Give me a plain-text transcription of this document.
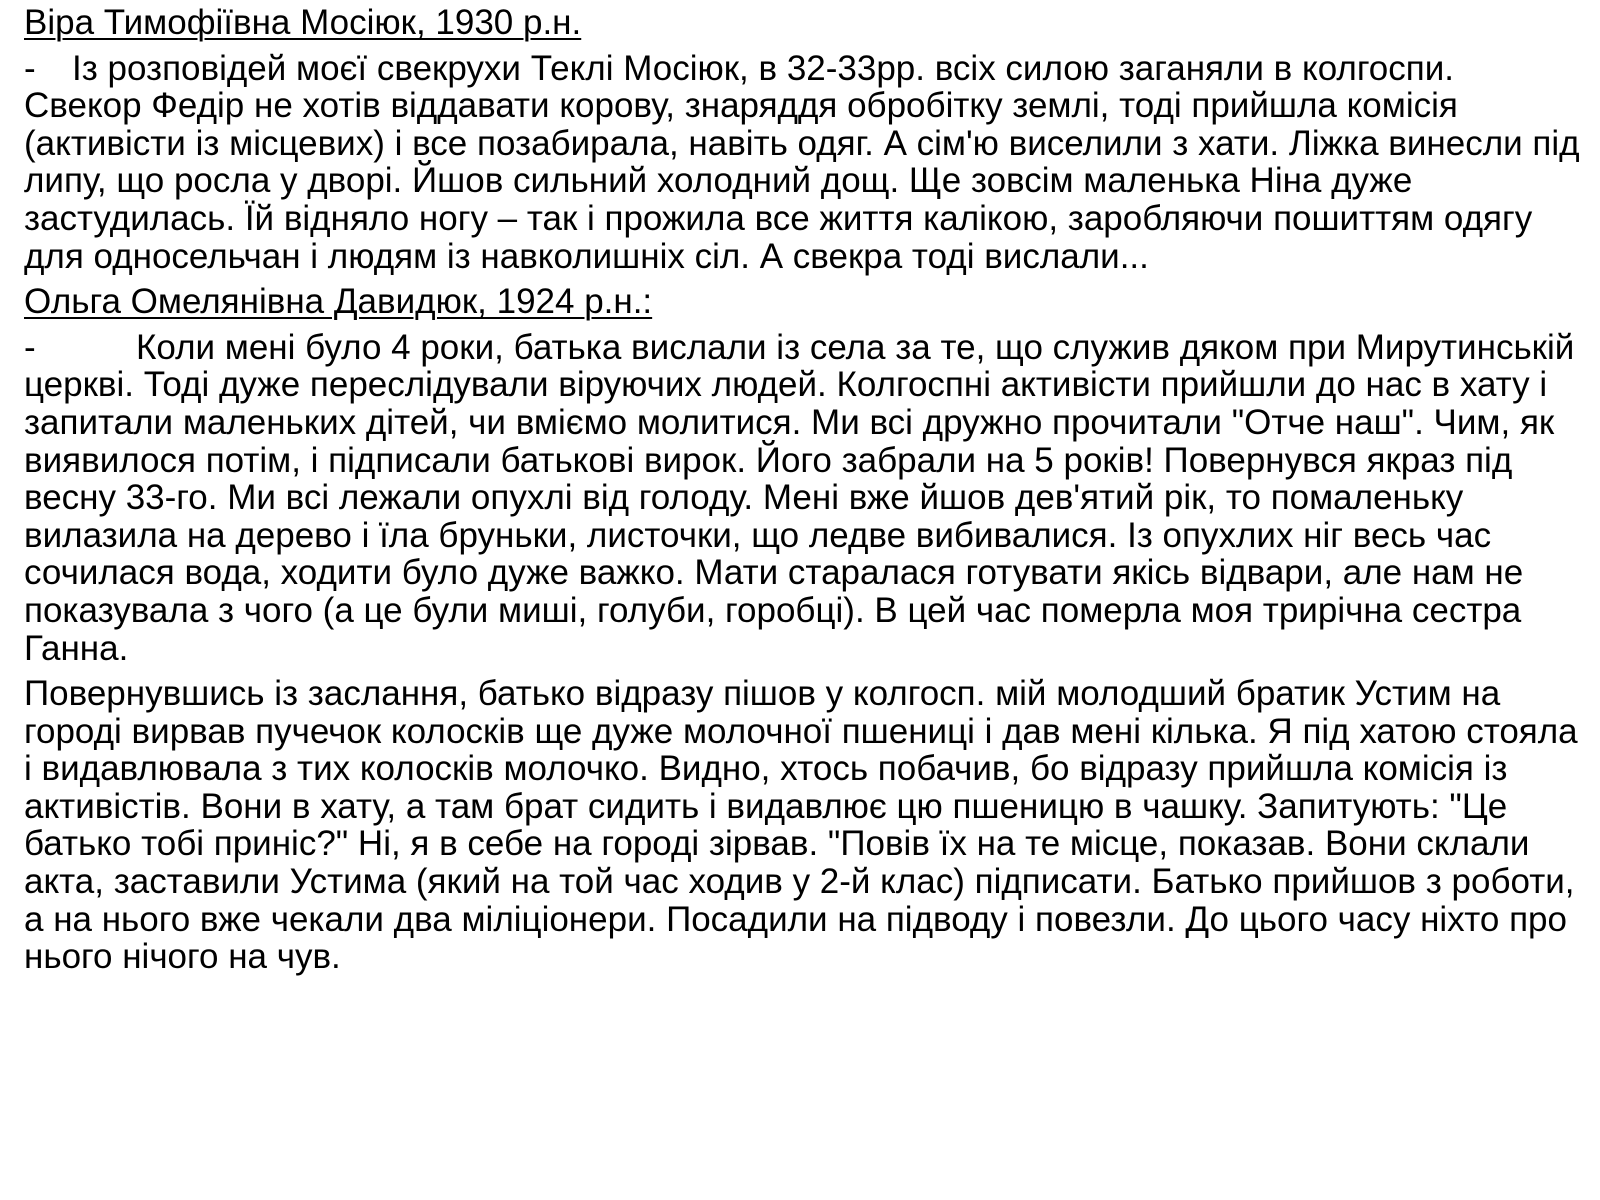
Віра Тимофіївна Мосіюк, 1930 р.н.

- Із розповідей моєї свекрухи Теклі Мосіюк, в 32-33рр. всіх силою заганяли в колгоспи. Свекор Федір не хотів віддавати корову, знаряддя обробітку землі, тоді прийшла комісія (активісти із місцевих) і все позабирала, навіть одяг. А сім'ю виселили з хати. Ліжка винесли під липу, що росла у дворі. Йшов сильний холодний дощ. Ще зовсім маленька Ніна дуже застудилась. Їй відняло ногу – так і прожила все життя калікою, заробляючи пошиттям одягу для односельчан і людям із навколишніх сіл. А свекра тоді вислали...

Ольга Омелянівна Давидюк, 1924 р.н.:

-	Коли мені було 4 роки, батька вислали із села за те, що служив дяком при Мирутинській церкві. Тоді дуже переслідували віруючих людей. Колгоспні активісти прийшли до нас в хату і запитали маленьких дітей, чи вміємо молитися. Ми всі дружно прочитали "Отче наш". Чим, як виявилося потім, і підписали батькові вирок. Його забрали на 5 років! Повернувся якраз під весну 33-го. Ми всі лежали опухлі від голоду. Мені вже йшов дев'ятий рік, то помаленьку вилазила на дерево і їла бруньки, листочки, що ледве вибивалися. Із опухлих ніг весь час сочилася вода, ходити було дуже важко. Мати старалася готувати якісь відвари, але нам не показувала з чого (а це були миші, голуби, горобці). В цей час померла моя трирічна сестра Ганна.

Повернувшись із заслання, батько відразу пішов у колгосп. мій молодший братик Устим на городі вирвав пучечок колосків ще дуже молочної пшениці і дав мені кілька. Я під хатою стояла і видавлювала з тих колосків молочко. Видно, хтось побачив, бо відразу прийшла комісія із активістів. Вони в хату, а там брат сидить і видавлює цю пшеницю в чашку. Запитують: "Це батько тобі приніс?" Ні, я в себе на городі зірвав. "Повів їх на те місце, показав. Вони склали акта, заставили Устима (який на той час ходив у 2-й клас) підписати. Батько прийшов з роботи, а на нього вже чекали два міліціонери. Посадили на підводу і повезли. До цього часу ніхто про нього нічого на чув.
